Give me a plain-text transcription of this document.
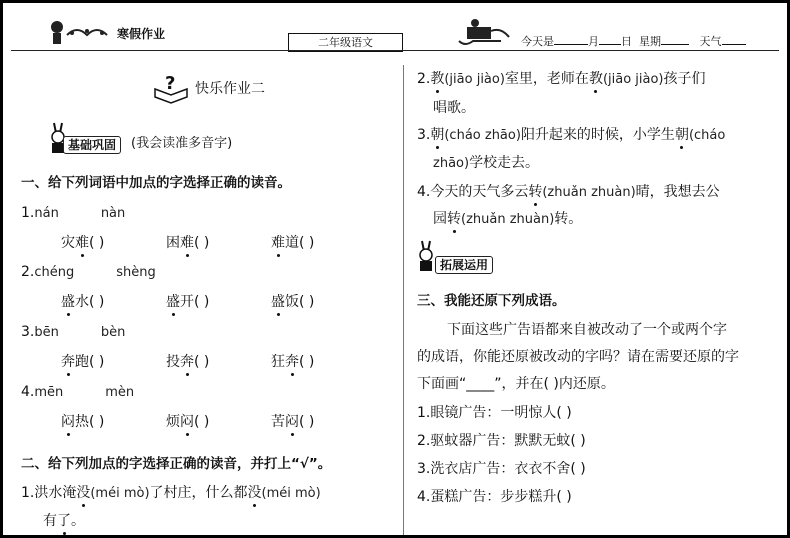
寒假作业
二年级语文	今天是	月 日 星期	天气
? 快乐作业二
基础巩固	(我会读准多音字)
一、给下列词语中加点的字选择正确的读音。
1.nán	nàn
灾难( )	困难( )	难道( )
2.chéng	shèng
盛水( )	盛开( )	盛饭( )
3.bēn	bèn
奔跑( )	投奔( )	狂奔( )
4.mēn	mèn
闷热( )	烦闷( )	苦闷( )
二、给下列加点的字选择正确的读音，并打上“√”。
1.洪水淹没(méi mò)了村庄，什么都没(méi mò)
有了。
2.教(jiāo jiào)室里，老师在教(jiāo jiào)孩子们
唱歌。
3.朝(cháo zhāo)阳升起来的时候，小学生朝(cháo
zhāo)学校走去。
4.今天的天气多云转(zhuǎn zhuàn)晴，我想去公
园转(zhuǎn zhuàn)转。
拓展运用
三、我能还原下列成语。
下面这些广告语都来自被改动了一个或两个字
的成语，你能还原被改动的字吗？请在需要还原的字
下面画“____”，并在( )内还原。
1.眼镜广告：一明惊人( )
2.驱蚊器广告：默默无蚊( )
3.洗衣店广告：衣衣不舍( )
4.蛋糕广告：步步糕升( )
